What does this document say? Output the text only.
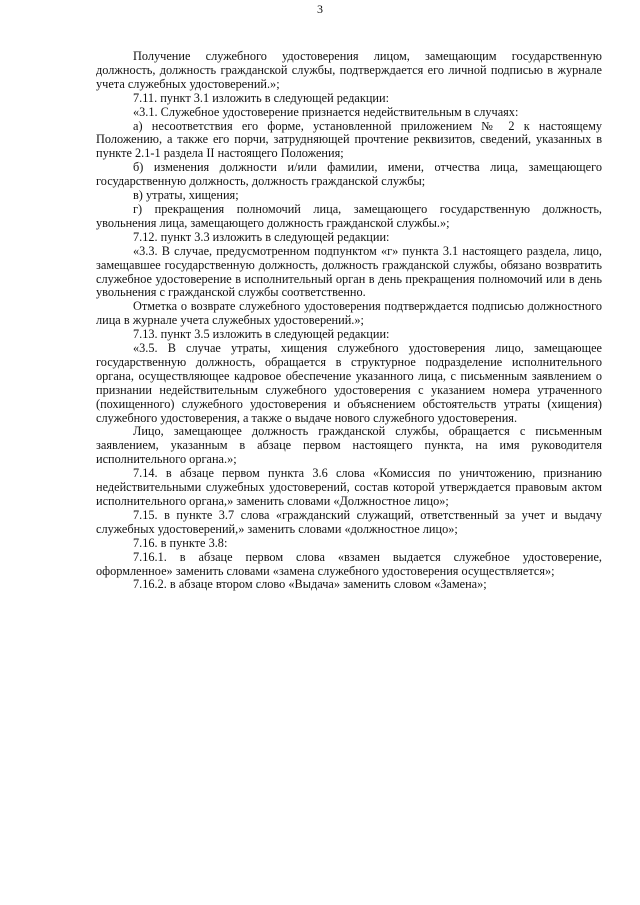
3

Получение служебного удостоверения лицом, замещающим государственную должность, должность гражданской службы, подтверждается его личной подписью в журнале учета служебных удостоверений.»;

7.11. пункт 3.1 изложить в следующей редакции:

«3.1. Служебное удостоверение признается недействительным в случаях:

а) несоответствия его форме, установленной приложением № 2 к настоящему Положению, а также его порчи, затрудняющей прочтение реквизитов, сведений, указанных в пункте 2.1-1 раздела II настоящего Положения;

б) изменения должности и/или фамилии, имени, отчества лица, замещающего государственную должность, должность гражданской службы;

в) утраты, хищения;

г) прекращения полномочий лица, замещающего государственную должность, увольнения лица, замещающего должность гражданской службы.»;

7.12. пункт 3.3 изложить в следующей редакции:

«3.3. В случае, предусмотренном подпунктом «г» пункта 3.1 настоящего раздела, лицо, замещавшее государственную должность, должность гражданской службы, обязано возвратить служебное удостоверение в исполнительный орган в день прекращения полномочий или в день увольнения с гражданской службы соответственно.

Отметка о возврате служебного удостоверения подтверждается подписью должностного лица в журнале учета служебных удостоверений.»;

7.13. пункт 3.5 изложить в следующей редакции:

«3.5. В случае утраты, хищения служебного удостоверения лицо, замещающее государственную должность, обращается в структурное подразделение исполнительного органа, осуществляющее кадровое обеспечение указанного лица, с письменным заявлением о признании недействительным служебного удостоверения с указанием номера утраченного (похищенного) служебного удостоверения и объяснением обстоятельств утраты (хищения) служебного удостоверения, а также о выдаче нового служебного удостоверения.

Лицо, замещающее должность гражданской службы, обращается с письменным заявлением, указанным в абзаце первом настоящего пункта, на имя руководителя исполнительного органа.»;

7.14. в абзаце первом пункта 3.6 слова «Комиссия по уничтожению, признанию недействительными служебных удостоверений, состав которой утверждается правовым актом исполнительного органа,» заменить словами «Должностное лицо»;

7.15. в пункте 3.7 слова «гражданский служащий, ответственный за учет и выдачу служебных удостоверений,» заменить словами «должностное лицо»;

7.16. в пункте 3.8:

7.16.1. в абзаце первом слова «взамен выдается служебное удостоверение, оформленное» заменить словами «замена служебного удостоверения осуществляется»;

7.16.2. в абзаце втором слово «Выдача» заменить словом «Замена»;
